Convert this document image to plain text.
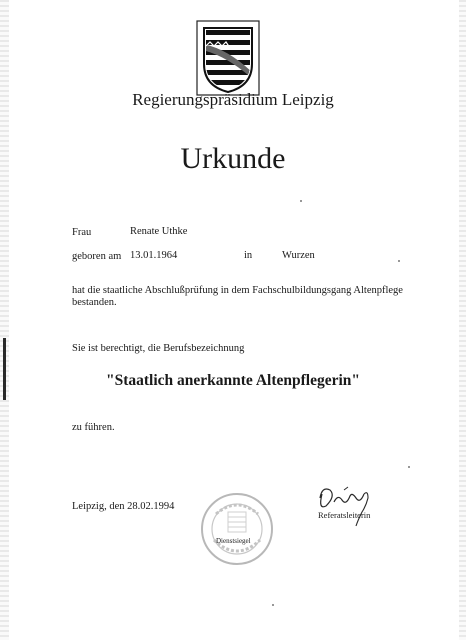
Regierungspräsidium Leipzig
Urkunde
Frau	Renate Uthke
geboren am 13.01.1964	in	Wurzen
hat die staatliche Abschlußprüfung in dem Fachschulbildungsgang Altenpflege
bestanden.
Sie ist berechtigt, die Berufsbezeichnung
"Staatlich anerkannte Altenpflegerin"
zu führen.
Leipzig, den 28.02.1994
Dienstsiegel
Referatsleiterin
